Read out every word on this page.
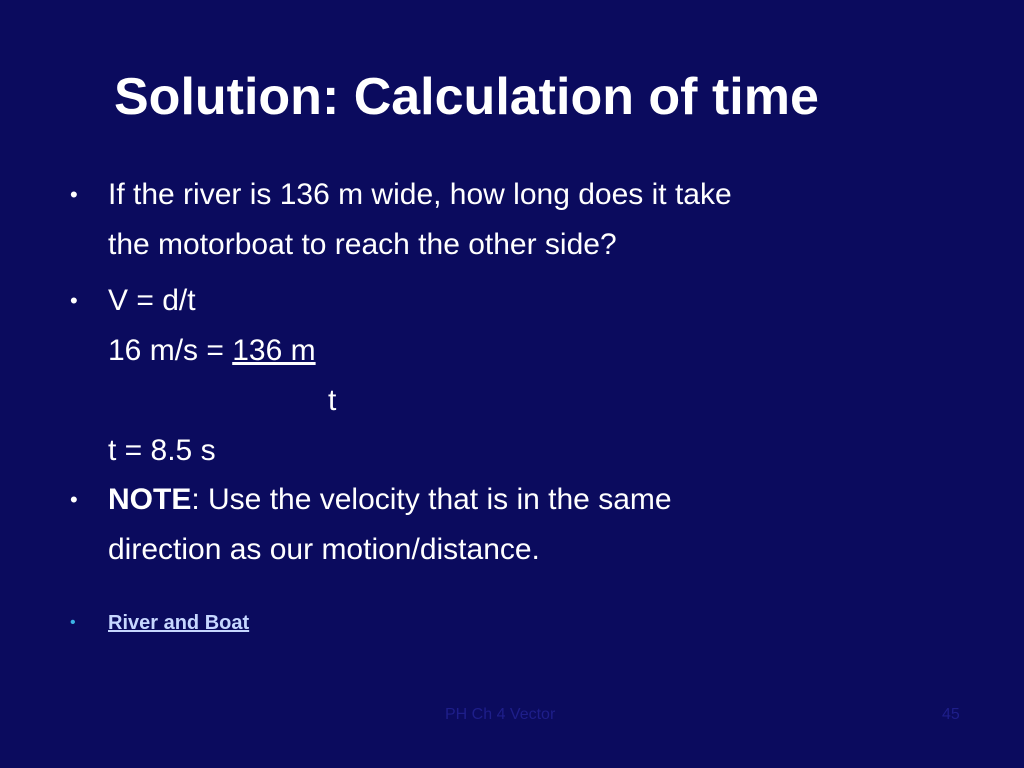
Solution: Calculation of time
• If the river is 136 m wide, how long does it take
the motorboat to reach the other side?
• V = d/t
16 m/s = 136 m
t
t = 8.5 s
• NOTE: Use the velocity that is in the same
direction as our motion/distance.
• River and Boat
PH Ch 4 Vector	45
